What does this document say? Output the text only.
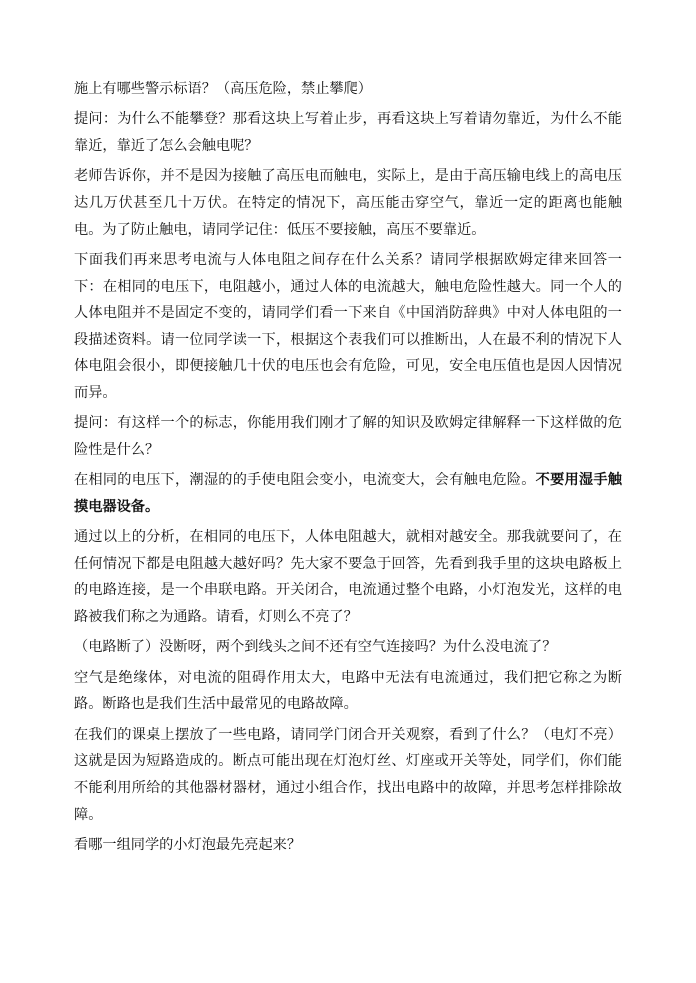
施上有哪些警示标语？（高压危险，禁止攀爬）

提问：为什么不能攀登？那看这块上写着止步，再看这块上写着请勿靠近，为什么不能靠近，靠近了怎么会触电呢？

老师告诉你，并不是因为接触了高压电而触电，实际上，是由于高压输电线上的高电压达几万伏甚至几十万伏。在特定的情况下，高压能击穿空气，靠近一定的距离也能触电。为了防止触电，请同学记住：低压不要接触，高压不要靠近。

下面我们再来思考电流与人体电阻之间存在什么关系？请同学根据欧姆定律来回答一下：在相同的电压下，电阻越小，通过人体的电流越大，触电危险性越大。同一个人的人体电阻并不是固定不变的，请同学们看一下来自《中国消防辞典》中对人体电阻的一段描述资料。请一位同学读一下，根据这个表我们可以推断出，人在最不利的情况下人体电阻会很小，即便接触几十伏的电压也会有危险，可见，安全电压值也是因人因情况而异。

提问：有这样一个的标志，你能用我们刚才了解的知识及欧姆定律解释一下这样做的危险性是什么？

在相同的电压下，潮湿的的手使电阻会变小，电流变大，会有触电危险。不要用湿手触摸电器设备。

通过以上的分析，在相同的电压下，人体电阻越大，就相对越安全。那我就要问了，在任何情况下都是电阻越大越好吗？先大家不要急于回答，先看到我手里的这块电路板上的电路连接，是一个串联电路。开关闭合，电流通过整个电路，小灯泡发光，这样的电路被我们称之为通路。请看，灯则么不亮了？

（电路断了）没断呀，两个到线头之间不还有空气连接吗？为什么没电流了？

空气是绝缘体，对电流的阻碍作用太大，电路中无法有电流通过，我们把它称之为断路。断路也是我们生活中最常见的电路故障。

在我们的课桌上摆放了一些电路，请同学门闭合开关观察，看到了什么？（电灯不亮）这就是因为短路造成的。断点可能出现在灯泡灯丝、灯座或开关等处，同学们，你们能不能利用所给的其他器材器材，通过小组合作，找出电路中的故障，并思考怎样排除故障。

看哪一组同学的小灯泡最先亮起来？
